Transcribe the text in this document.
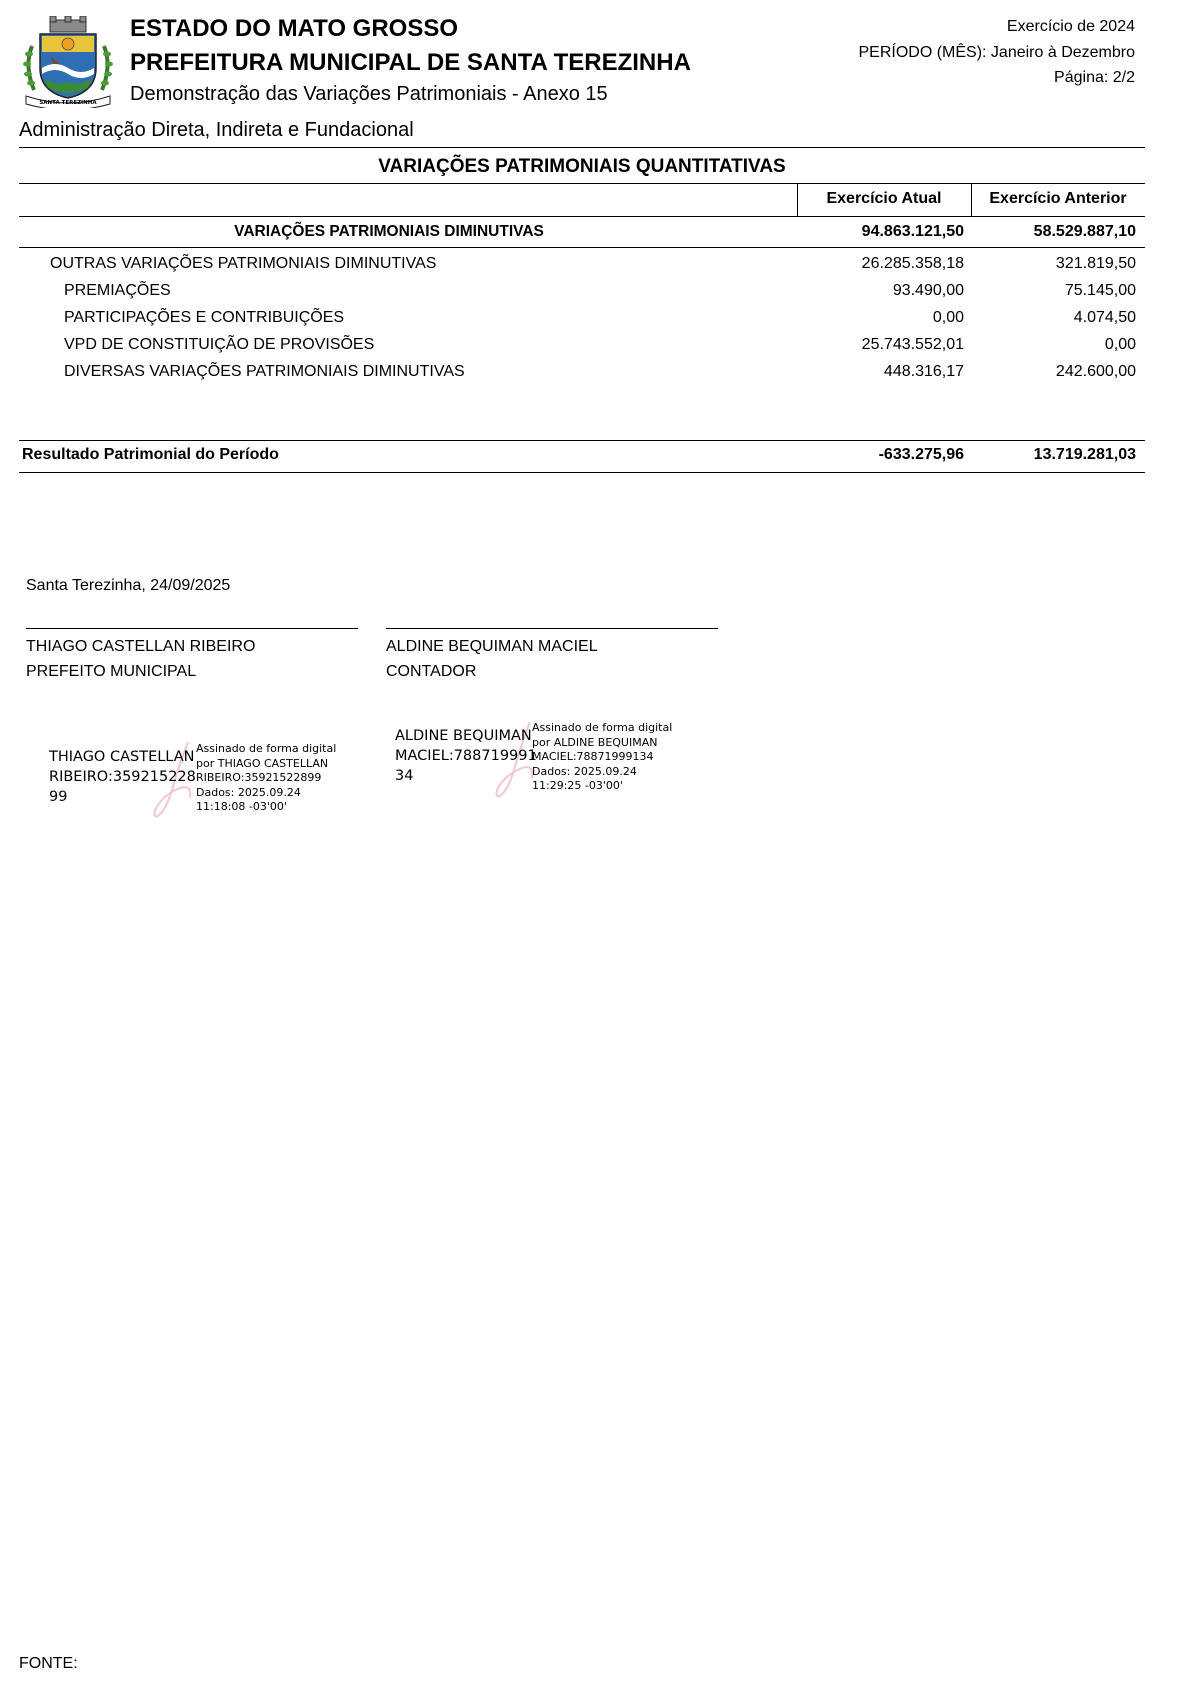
SANTA TEREZINHA
ESTADO DO MATO GROSSO
PREFEITURA MUNICIPAL DE SANTA TEREZINHA
Demonstração das Variações Patrimoniais - Anexo 15
Exercício de 2024
PERÍODO (MÊS): Janeiro à Dezembro
Página: 2/2
Administração Direta, Indireta e Fundacional
VARIAÇÕES PATRIMONIAIS QUANTITATIVAS
Exercício Atual	Exercício Anterior
VARIAÇÕES PATRIMONIAIS DIMINUTIVAS	94.863.121,50	58.529.887,10
OUTRAS VARIAÇÕES PATRIMONIAIS DIMINUTIVAS	26.285.358,18	321.819,50
PREMIAÇÕES	93.490,00	75.145,00
PARTICIPAÇÕES E CONTRIBUIÇÕES	0,00	4.074,50
VPD DE CONSTITUIÇÃO DE PROVISÕES	25.743.552,01	0,00
DIVERSAS VARIAÇÕES PATRIMONIAIS DIMINUTIVAS	448.316,17	242.600,00
Resultado Patrimonial do Período	-633.275,96	13.719.281,03
Santa Terezinha, 24/09/2025
THIAGO CASTELLAN RIBEIRO
PREFEITO MUNICIPAL
ALDINE BEQUIMAN MACIEL
CONTADOR
THIAGO CASTELLAN
RIBEIRO:359215228
99
Assinado de forma digital
por THIAGO CASTELLAN
RIBEIRO:35921522899
Dados: 2025.09.24
11:18:08 -03'00'
ALDINE BEQUIMAN
MACIEL:788719991
34
Assinado de forma digital
por ALDINE BEQUIMAN
MACIEL:78871999134
Dados: 2025.09.24
11:29:25 -03'00'
FONTE:
